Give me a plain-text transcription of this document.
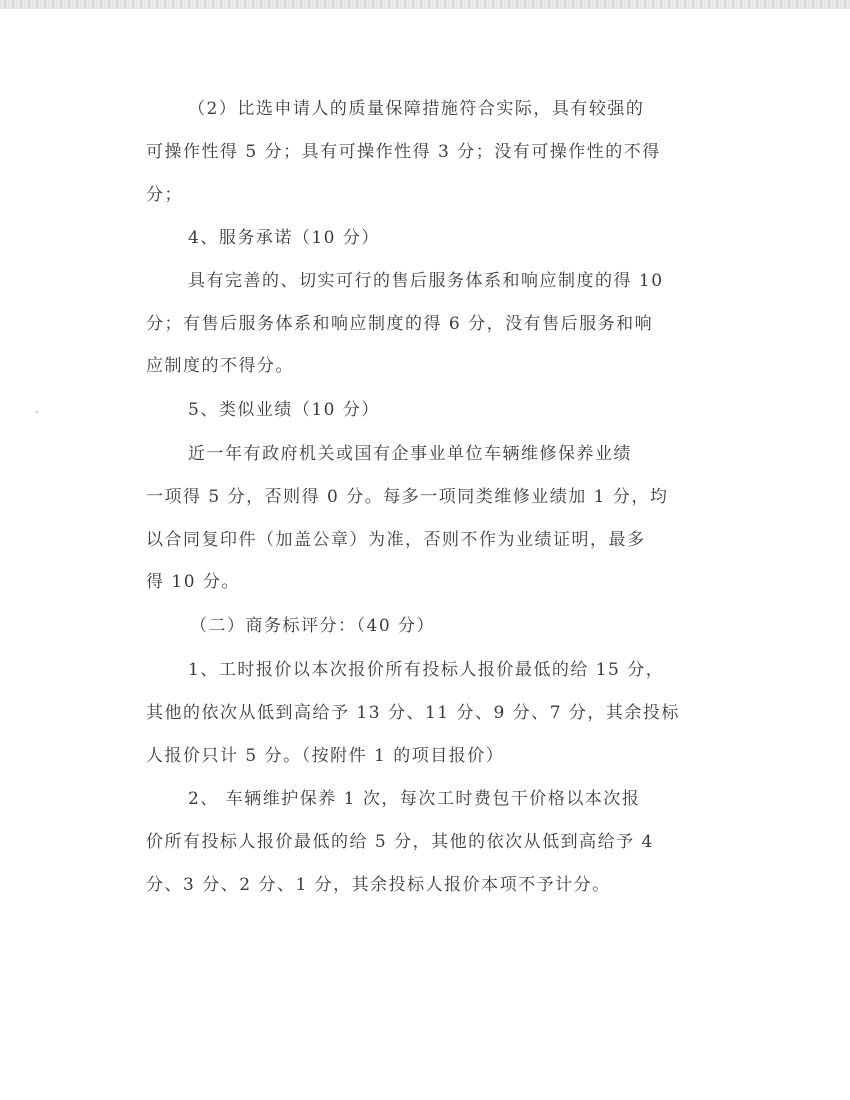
（2）比选申请人的质量保障措施符合实际，具有较强的
可操作性得 5 分；具有可操作性得 3 分；没有可操作性的不得
分；
4、服务承诺（10 分）
具有完善的、切实可行的售后服务体系和响应制度的得 10
分；有售后服务体系和响应制度的得 6 分，没有售后服务和响
应制度的不得分。
5、类似业绩（10 分）
近一年有政府机关或国有企事业单位车辆维修保养业绩
一项得 5 分，否则得 0 分。每多一项同类维修业绩加 1 分，均
以合同复印件（加盖公章）为准，否则不作为业绩证明，最多
得 10 分。
（二）商务标评分：（40 分）
1、工时报价以本次报价所有投标人报价最低的给 15 分，
其他的依次从低到高给予 13 分、11 分、9 分、7 分，其余投标
人报价只计 5 分。（按附件 1 的项目报价）
2、 车辆维护保养 1 次，每次工时费包干价格以本次报
价所有投标人报价最低的给 5 分，其他的依次从低到高给予 4
分、3 分、2 分、1 分，其余投标人报价本项不予计分。
